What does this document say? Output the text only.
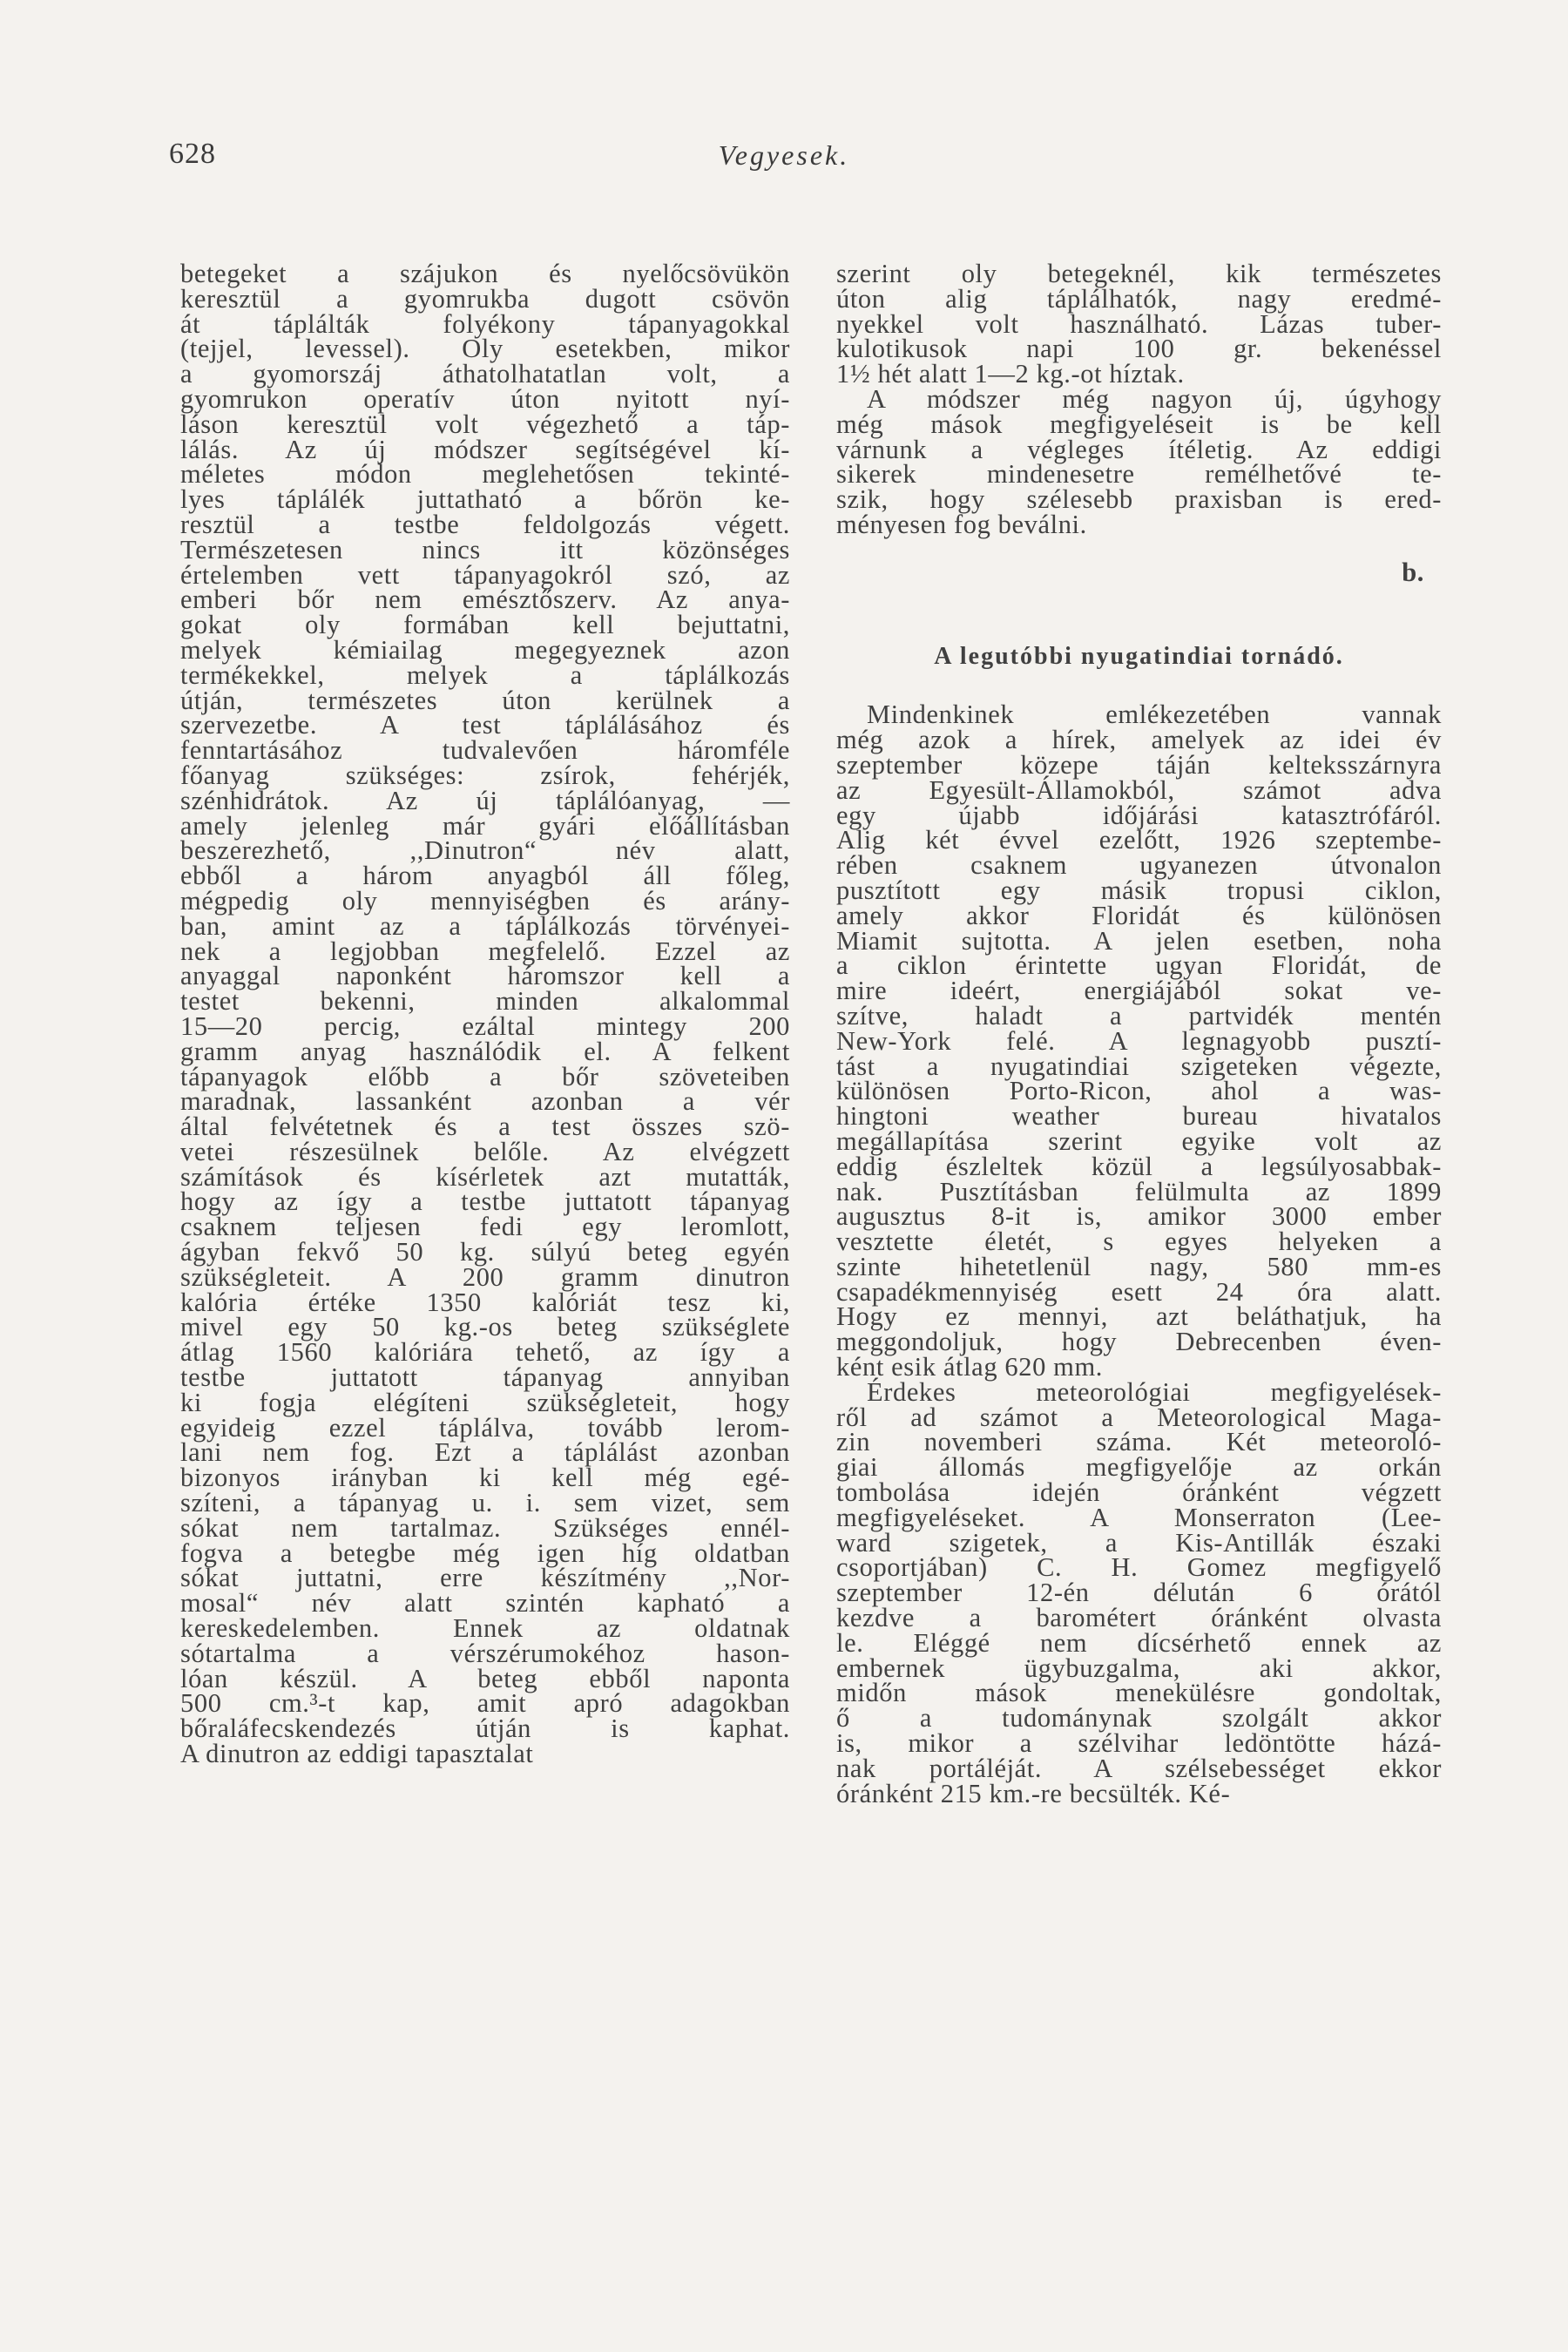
628	Vegyesek.
betegeket a szájukon és nyelőcsövükön
keresztül a gyomrukba dugott csövön
át táplálták folyékony tápanyagokkal
(tejjel, levessel). Oly esetekben, mikor
a gyomorszáj áthatolhatatlan volt, a
gyomrukon operatív úton nyitott nyí-
láson keresztül volt végezhető a táp-
lálás. Az új módszer segítségével kí-
méletes módon meglehetősen tekinté-
lyes táplálék juttatható a bőrön ke-
resztül a testbe feldolgozás végett.
Természetesen nincs itt közönséges
értelemben vett tápanyagokról szó, az
emberi bőr nem emésztőszerv. Az anya-
gokat oly formában kell bejuttatni,
melyek kémiailag megegyeznek azon
termékekkel, melyek a táplálkozás
útján, természetes úton kerülnek a
szervezetbe. A test táplálásához és
fenntartásához tudvalevően háromféle
főanyag szükséges: zsírok, fehérjék,
szénhidrátok. Az új táplálóanyag, —
amely jelenleg már gyári előállításban
beszerezhető, ,,Dinutron“ név alatt,
ebből a három anyagból áll főleg,
mégpedig oly mennyiségben és arány-
ban, amint az a táplálkozás törvényei-
nek a legjobban megfelelő. Ezzel az
anyaggal naponként háromszor kell a
testet bekenni, minden alkalommal
15—20 percig, ezáltal mintegy 200
gramm anyag használódik el. A felkent
tápanyagok előbb a bőr szöveteiben
maradnak, lassanként azonban a vér
által felvétetnek és a test összes szö-
vetei részesülnek belőle. Az elvégzett
számítások és kísérletek azt mutatták,
hogy az így a testbe juttatott tápanyag
csaknem teljesen fedi egy leromlott,
ágyban fekvő 50 kg. súlyú beteg egyén
szükségleteit. A 200 gramm dinutron
kalória értéke 1350 kalóriát tesz ki,
mivel egy 50 kg.-os beteg szükséglete
átlag 1560 kalóriára tehető, az így a
testbe juttatott tápanyag annyiban
ki fogja elégíteni szükségleteit, hogy
egyideig ezzel táplálva, tovább lerom-
lani nem fog. Ezt a táplálást azonban
bizonyos irányban ki kell még egé-
szíteni, a tápanyag u. i. sem vizet, sem
sókat nem tartalmaz. Szükséges ennél-
fogva a betegbe még igen híg oldatban
sókat juttatni, erre készítmény ,,Nor-
mosal“ név alatt szintén kapható a
kereskedelemben. Ennek az oldatnak
sótartalma a vérszérumokéhoz hason-
lóan készül. A beteg ebből naponta
500 cm.³-t kap, amit apró adagokban
bőraláfecskendezés útján is kaphat.
A dinutron az eddigi tapasztalat
szerint oly betegeknél, kik természetes
úton alig táplálhatók, nagy eredmé-
nyekkel volt használható. Lázas tuber-
kulotikusok napi 100 gr. bekenéssel
1½ hét alatt 1—2 kg.-ot híztak.
A módszer még nagyon új, úgyhogy
még mások megfigyeléseit is be kell
várnunk a végleges ítéletig. Az eddigi
sikerek mindenesetre remélhetővé te-
szik, hogy szélesebb praxisban is ered-
ményesen fog beválni.
b.
A legutóbbi nyugatindiai tornádó.
Mindenkinek emlékezetében vannak
még azok a hírek, amelyek az idei év
szeptember közepe táján kelteksszárnyra
az Egyesült-Államokból, számot adva
egy újabb időjárási katasztrófáról.
Alig két évvel ezelőtt, 1926 szeptembe-
rében csaknem ugyanezen útvonalon
pusztított egy másik tropusi ciklon,
amely akkor Floridát és különösen
Miamit sujtotta. A jelen esetben, noha
a ciklon érintette ugyan Floridát, de
mire ideért, energiájából sokat ve-
szítve, haladt a partvidék mentén
New-York felé. A legnagyobb pusztí-
tást a nyugatindiai szigeteken végezte,
különösen Porto-Ricon, ahol a was-
hingtoni weather bureau hivatalos
megállapítása szerint egyike volt az
eddig észleltek közül a legsúlyosabbak-
nak. Pusztításban felülmulta az 1899
augusztus 8-it is, amikor 3000 ember
vesztette életét, s egyes helyeken a
szinte hihetetlenül nagy, 580 mm-es
csapadékmennyiség esett 24 óra alatt.
Hogy ez mennyi, azt beláthatjuk, ha
meggondoljuk, hogy Debrecenben éven-
ként esik átlag 620 mm.
Érdekes meteorológiai megfigyelések-
ről ad számot a Meteorological Maga-
zin novemberi száma. Két meteoroló-
giai állomás megfigyelője az orkán
tombolása idején óránként végzett
megfigyeléseket. A Monserraton (Lee-
ward szigetek, a Kis-Antillák északi
csoportjában) C. H. Gomez megfigyelő
szeptember 12-én délután 6 órától
kezdve a barométert óránként olvasta
le. Eléggé nem dícsérhető ennek az
embernek ügybuzgalma, aki akkor,
midőn mások menekülésre gondoltak,
ő a tudománynak szolgált akkor
is, mikor a szélvihar ledöntötte házá-
nak portáléját. A szélsebességet ekkor
óránként 215 km.-re becsülték. Ké-
